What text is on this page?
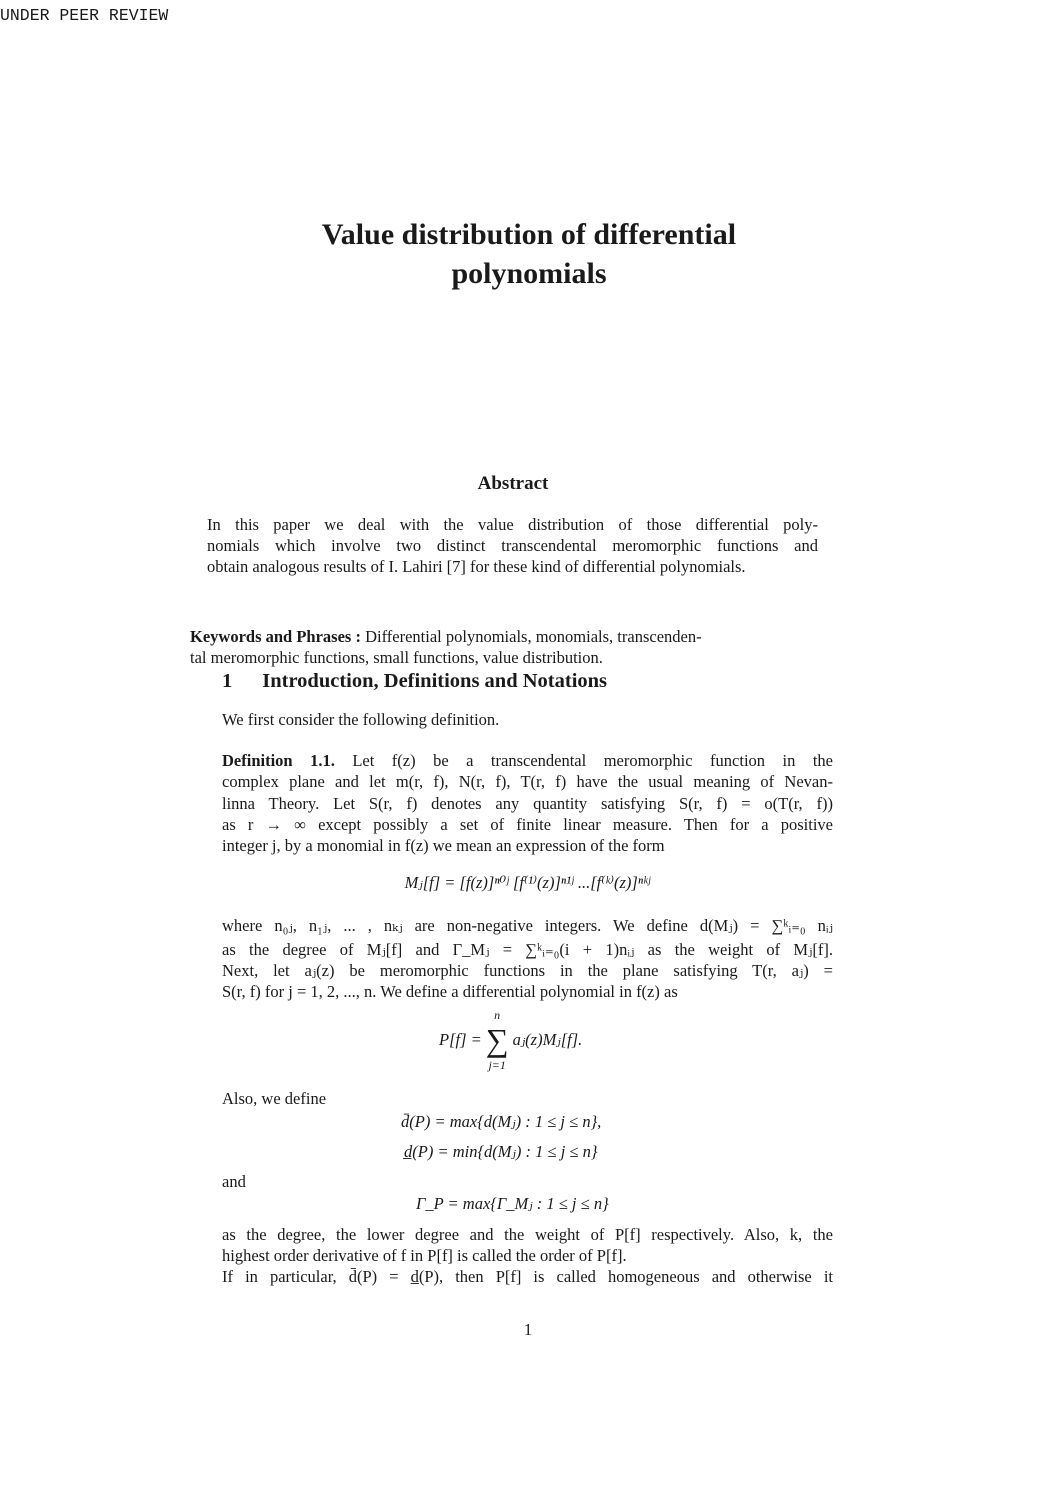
UNDER PEER REVIEW
Value distribution of differential
polynomials
Abstract
In this paper we deal with the value distribution of those differential poly-
nomials which involve two distinct transcendental meromorphic functions and
obtain analogous results of I. Lahiri [7] for these kind of differential polynomials.
Keywords and Phrases : Differential polynomials, monomials, transcenden-
tal meromorphic functions, small functions, value distribution.
1 Introduction, Definitions and Notations
We first consider the following definition.
Definition 1.1. Let f(z) be a transcendental meromorphic function in the
complex plane and let m(r, f), N(r, f), T(r, f) have the usual meaning of Nevan-
linna Theory. Let S(r, f) denotes any quantity satisfying S(r, f) = o(T(r, f))
as r → ∞ except possibly a set of finite linear measure. Then for a positive
integer j, by a monomial in f(z) we mean an expression of the form
Mⱼ[f] = [f(z)]ⁿ⁰ʲ [f⁽¹⁾(z)]ⁿ¹ʲ ...[f⁽ᵏ⁾(z)]ⁿᵏʲ
where n₀ⱼ, n₁ⱼ, ... , nₖⱼ are non-negative integers. We define d(Mⱼ) = ∑ᵏᵢ₌₀ nᵢⱼ
as the degree of Mⱼ[f] and Γ_Mⱼ = ∑ᵏᵢ₌₀(i + 1)nᵢⱼ as the weight of Mⱼ[f].
Next, let aⱼ(z) be meromorphic functions in the plane satisfying T(r, aⱼ) =
S(r, f) for j = 1, 2, ..., n. We define a differential polynomial in f(z) as
P[f] =
n
∑
j=1
aⱼ(z)Mⱼ[f].
Also, we define
d̄(P) = max{d(Mⱼ) : 1 ≤ j ≤ n},
d̲(P) = min{d(Mⱼ) : 1 ≤ j ≤ n}
and
Γ_P = max{Γ_Mⱼ : 1 ≤ j ≤ n}
as the degree, the lower degree and the weight of P[f] respectively. Also, k, the
highest order derivative of f in P[f] is called the order of P[f].
If in particular, d̄(P) = d̲(P), then P[f] is called homogeneous and otherwise it
1
